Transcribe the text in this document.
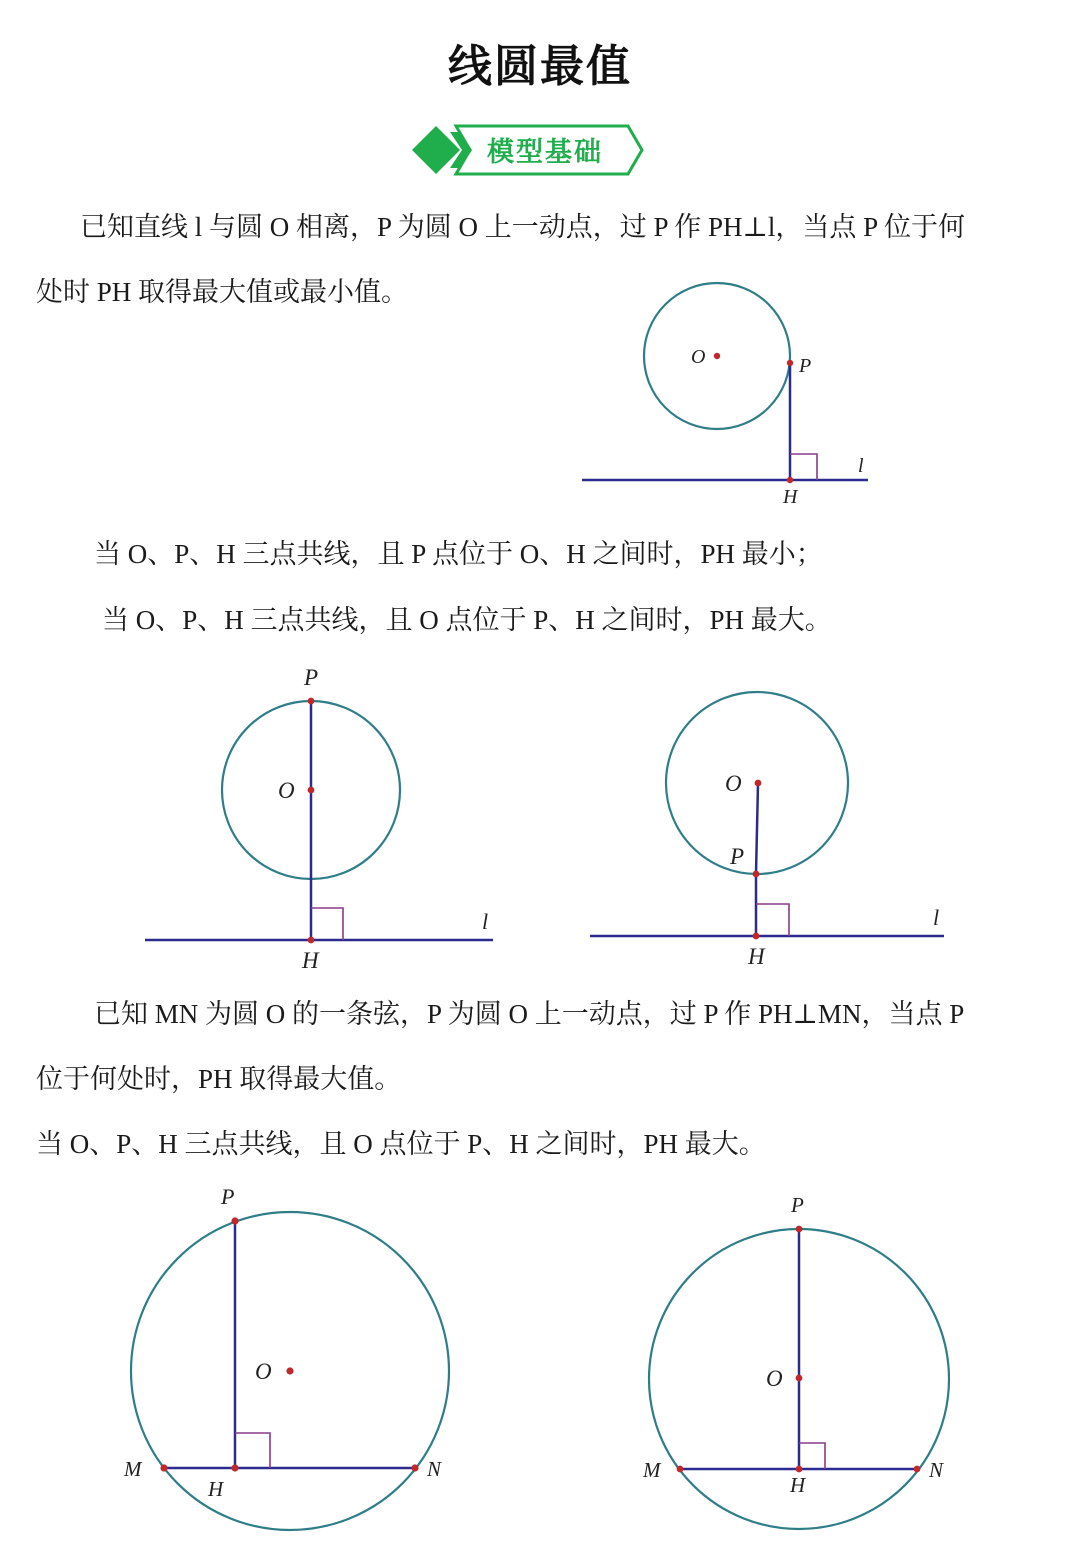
线圆最值
模型基础
已知直线 l 与圆 O 相离，P 为圆 O 上一动点，过 P 作 PH⊥l，当点 P 位于何
处时 PH 取得最大值或最小值。
O	P
H
l
当 O、P、H 三点共线，且 P 点位于 O、H 之间时，PH 最小；
当 O、P、H 三点共线，且 O 点位于 P、H 之间时，PH 最大。
P
O
H
l
O
P
H
l
已知 MN 为圆 O 的一条弦，P 为圆 O 上一动点，过 P 作 PH⊥MN，当点 P
位于何处时，PH 取得最大值。
当 O、P、H 三点共线，且 O 点位于 P、H 之间时，PH 最大。
P
O
M
H
N
P
O
M
H
N
